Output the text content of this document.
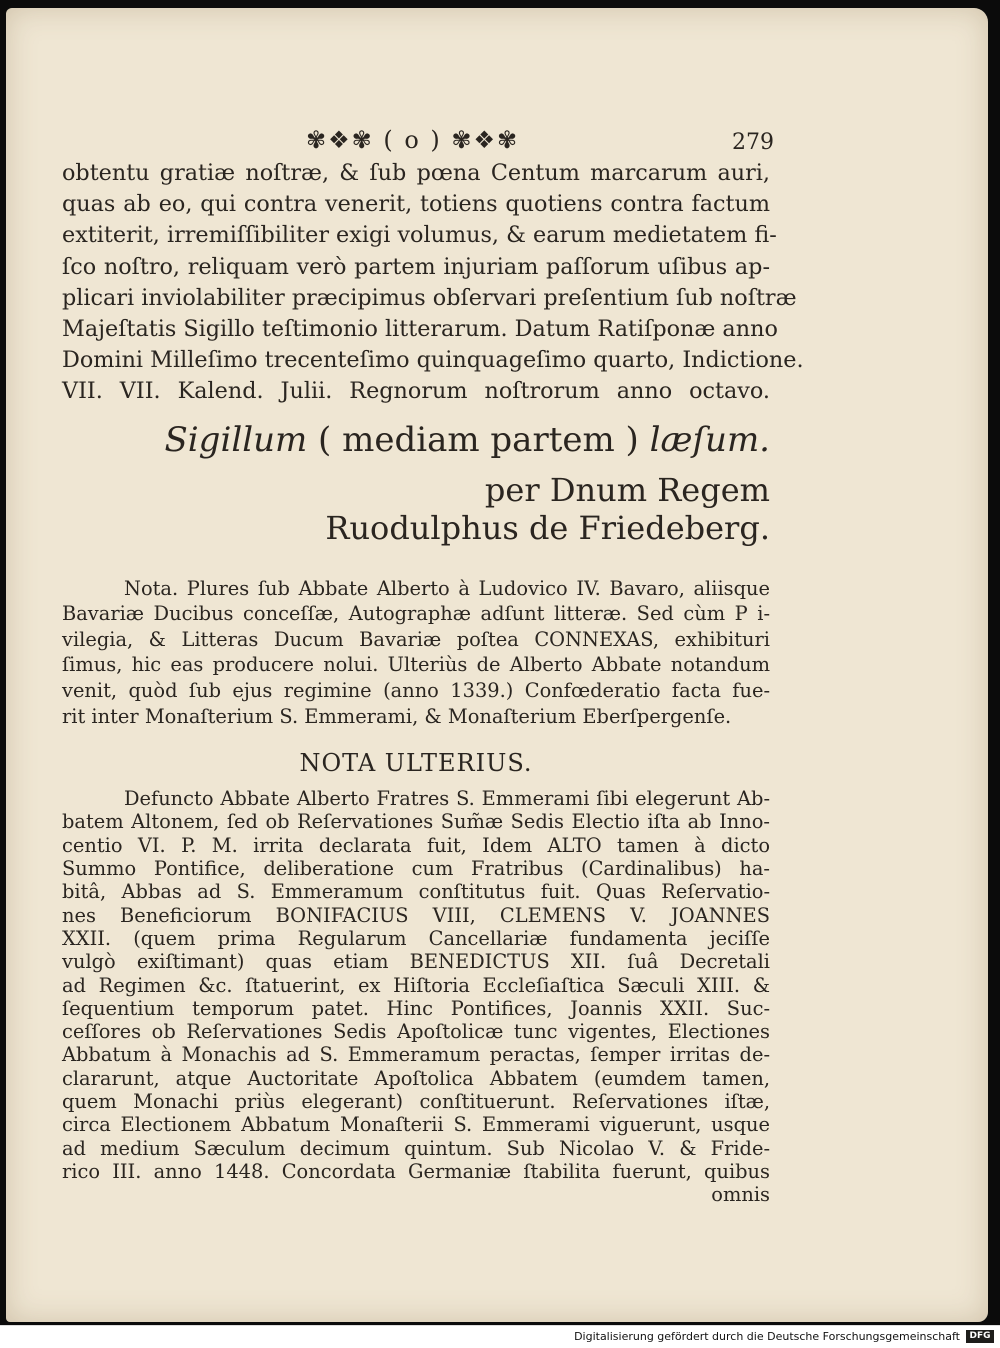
✾❖✾ ( o ) ✾❖✾	279

obtentu gratiæ noſtræ, & ſub pœna Centum marcarum auri,
quas ab eo, qui contra venerit, totiens quotiens contra factum
extiterit, irremiſſibiliter exigi volumus, & earum medietatem fi-
ſco noſtro, reliquam verò partem injuriam paſſorum uſibus ap-
plicari inviolabiliter præcipimus obſervari preſentium ſub noſtræ
Majeſtatis Sigillo teſtimonio litterarum. Datum Ratiſponæ anno
Domini Milleſimo trecenteſimo quinquageſimo quarto, Indictione.
VII. VII. Kalend. Julii. Regnorum noſtrorum anno octavo.

Sigillum ( mediam partem ) læſum.
per Dnum Regem
Ruodulphus de Friedeberg.
Nota. Plures ſub Abbate Alberto à Ludovico IV. Bavaro, aliisque
Bavariæ Ducibus conceſſæ, Autographæ adſunt litteræ. Sed cùm P i-
vilegia, & Litteras Ducum Bavariæ poſtea CONNEXAS, exhibituri
ſimus, hic eas producere nolui. Ulteriùs de Alberto Abbate notandum
venit, quòd ſub ejus regimine (anno 1339.) Confœderatio facta fue-
rit inter Monaſterium S. Emmerami, & Monaſterium Eberſpergenſe.
NOTA ULTERIUS.
Defuncto Abbate Alberto Fratres S. Emmerami ſibi elegerunt Ab-
batem Altonem, ſed ob Reſervationes Sum̃æ Sedis Electio iſta ab Inno-
centio VI. P. M. irrita declarata fuit, Idem ALTO tamen à dicto
Summo Pontifice, deliberatione cum Fratribus (Cardinalibus) ha-
bitâ, Abbas ad S. Emmeramum conſtitutus fuit. Quas Reſervatio-
nes Beneficiorum BONIFACIUS VIII, CLEMENS V. JOANNES
XXII. (quem prima Regularum Cancellariæ fundamenta jeciſſe
vulgò exiſtimant) quas etiam BENEDICTUS XII. ſuâ Decretali
ad Regimen &c. ſtatuerint, ex Hiſtoria Eccleſiaſtica Sæculi XIII. &
ſequentium temporum patet. Hinc Pontifices, Joannis XXII. Suc-
ceſſores ob Reſervationes Sedis Apoſtolicæ tunc vigentes, Electiones
Abbatum à Monachis ad S. Emmeramum peractas, ſemper irritas de-
clararunt, atque Auctoritate Apoſtolica Abbatem (eumdem tamen,
quem Monachi priùs elegerant) conſtituerunt. Reſervationes iſtæ,
circa Electionem Abbatum Monaſterii S. Emmerami viguerunt, usque
ad medium Sæculum decimum quintum. Sub Nicolao V. & Fride-
rico III. anno 1448. Concordata Germaniæ ſtabilita fuerunt, quibus
omnis
Digitalisierung gefördert durch die Deutsche Forschungsgemeinschaft	DFG
